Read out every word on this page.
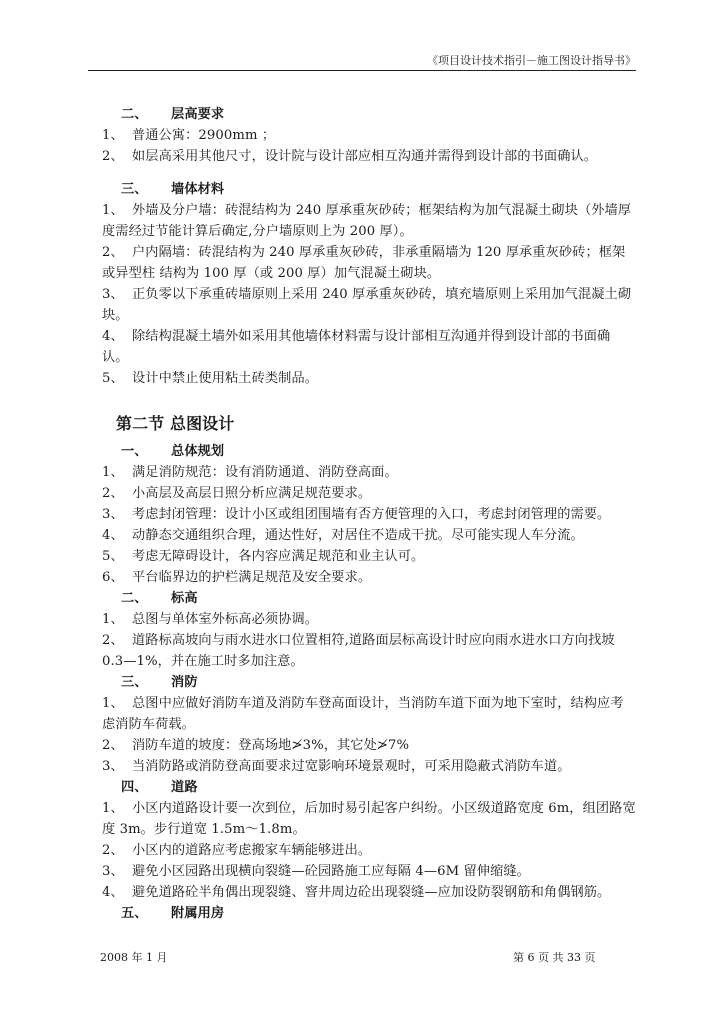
《项目设计技术指引－施工图设计指导书》

二、 层高要求

1、 普通公寓：2900mm ；

2、 如层高采用其他尺寸，设计院与设计部应相互沟通并需得到设计部的书面确认。

三、 墙体材料

1、 外墙及分户墙：砖混结构为 240 厚承重灰砂砖；框架结构为加气混凝土砌块（外墙厚度需经过节能计算后确定,分户墙原则上为 200 厚）。

2、 户内隔墙：砖混结构为 240 厚承重灰砂砖，非承重隔墙为 120 厚承重灰砂砖；框架或异型柱 结构为 100 厚（或 200 厚）加气混凝土砌块。

3、 正负零以下承重砖墙原则上采用 240 厚承重灰砂砖，填充墙原则上采用加气混凝土砌块。

4、 除结构混凝土墙外如采用其他墙体材料需与设计部相互沟通并得到设计部的书面确认。

5、 设计中禁止使用粘土砖类制品。

第二节 总图设计

一、 总体规划

1、 满足消防规范：设有消防通道、消防登高面。

2、 小高层及高层日照分析应满足规范要求。

3、 考虑封闭管理：设计小区或组团围墙有否方便管理的入口，考虑封闭管理的需要。

4、 动静态交通组织合理，通达性好，对居住不造成干扰。尽可能实现人车分流。

5、 考虑无障碍设计，各内容应满足规范和业主认可。

6、 平台临界边的护栏满足规范及安全要求。

二、 标高

1、 总图与单体室外标高必须协调。

2、 道路标高坡向与雨水进水口位置相符,道路面层标高设计时应向雨水进水口方向找坡 0.3—1%，并在施工时多加注意。

三、 消防

1、 总图中应做好消防车道及消防车登高面设计，当消防车道下面为地下室时，结构应考虑消防车荷载。

2、 消防车道的坡度：登高场地≯3%，其它处≯7%

3、 当消防路或消防登高面要求过宽影响环境景观时，可采用隐蔽式消防车道。

四、 道路

1、 小区内道路设计要一次到位，后加时易引起客户纠纷。小区级道路宽度 6m，组团路宽度 3m。步行道宽 1.5m～1.8m。

2、 小区内的道路应考虑搬家车辆能够进出。

3、 避免小区园路出现横向裂缝—砼园路施工应每隔 4—6M 留伸缩缝。

4、 避免道路砼半角偶出现裂缝、窨井周边砼出现裂缝—应加设防裂钢筋和角偶钢筋。

五、 附属用房

2008 年 1 月	第 6 页 共 33 页
